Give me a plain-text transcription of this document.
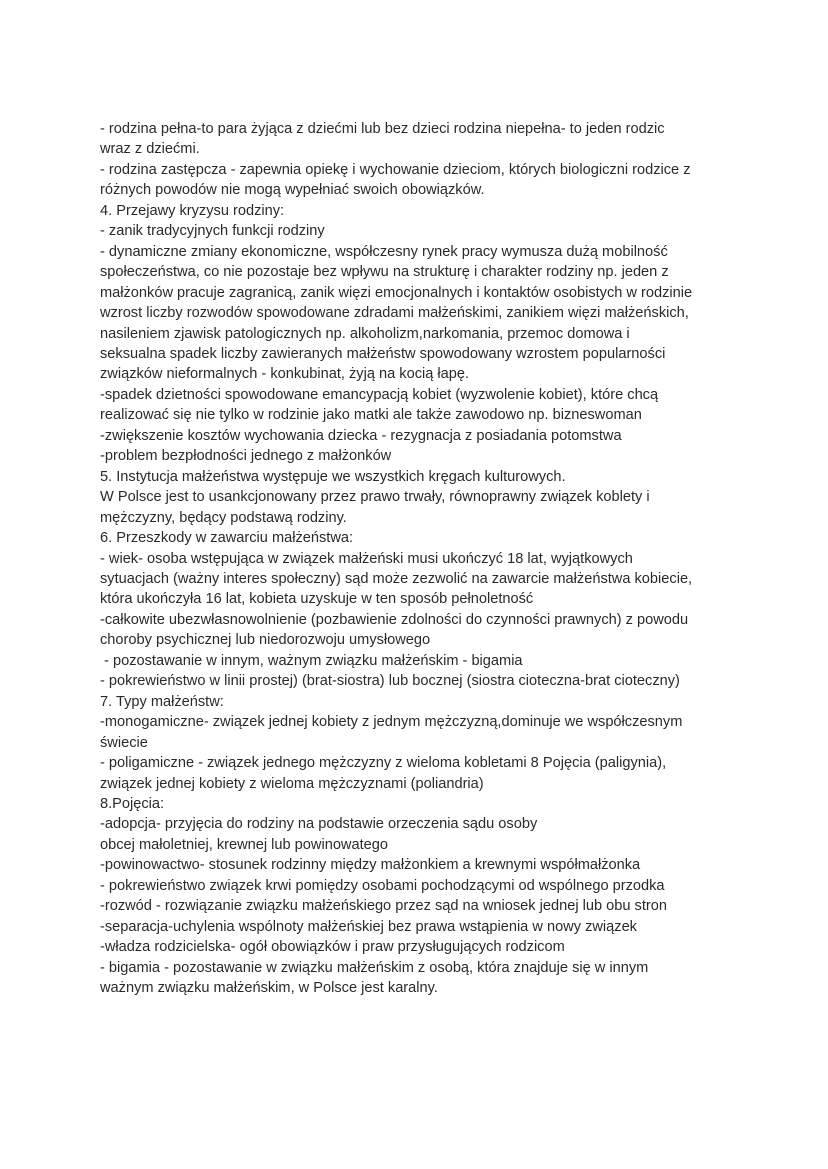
- rodzina pełna-to para żyjąca z dziećmi lub bez dzieci rodzina niepełna- to jeden rodzic
wraz z dziećmi.
- rodzina zastępcza - zapewnia opiekę i wychowanie dzieciom, których biologiczni rodzice z
różnych powodów nie mogą wypełniać swoich obowiązków.
4. Przejawy kryzysu rodziny:
- zanik tradycyjnych funkcji rodziny
- dynamiczne zmiany ekonomiczne, współczesny rynek pracy wymusza dużą mobilność
społeczeństwa, co nie pozostaje bez wpływu na strukturę i charakter rodziny np. jeden z
małżonków pracuje zagranicą, zanik więzi emocjonalnych i kontaktów osobistych w rodzinie
wzrost liczby rozwodów spowodowane zdradami małżeńskimi, zanikiem więzi małżeńskich,
nasileniem zjawisk patologicznych np. alkoholizm,narkomania, przemoc domowa i
seksualna spadek liczby zawieranych małżeństw spowodowany wzrostem popularności
związków nieformalnych - konkubinat, żyją na kocią łapę.
-spadek dzietności spowodowane emancypacją kobiet (wyzwolenie kobiet), które chcą
realizować się nie tylko w rodzinie jako matki ale także zawodowo np. bizneswoman
-zwiększenie kosztów wychowania dziecka - rezygnacja z posiadania potomstwa
-problem bezpłodności jednego z małżonków
5. Instytucja małżeństwa występuje we wszystkich kręgach kulturowych.
W Polsce jest to usankcjonowany przez prawo trwały, równoprawny związek koblety i
mężczyzny, będący podstawą rodziny.
6. Przeszkody w zawarciu małżeństwa:
- wiek- osoba wstępująca w związek małżeński musi ukończyć 18 lat, wyjątkowych
sytuacjach (ważny interes społeczny) sąd może zezwolić na zawarcie małżeństwa kobiecie,
która ukończyła 16 lat, kobieta uzyskuje w ten sposób pełnoletność
-całkowite ubezwłasnowolnienie (pozbawienie zdolności do czynności prawnych) z powodu
choroby psychicznej lub niedorozwoju umysłowego
- pozostawanie w innym, ważnym związku małżeńskim - bigamia
- pokrewieństwo w linii prostej) (brat-siostra) lub bocznej (siostra cioteczna-brat cioteczny)
7. Typy małżeństw:
-monogamiczne- związek jednej kobiety z jednym mężczyzną,dominuje we współczesnym
świecie
- poligamiczne - związek jednego mężczyzny z wieloma kobletami 8 Pojęcia (paligynia),
związek jednej kobiety z wieloma mężczyznami (poliandria)
8.Pojęcia:
-adopcja- przyjęcia do rodziny na podstawie orzeczenia sądu osoby
obcej małoletniej, krewnej lub powinowatego
-powinowactwo- stosunek rodzinny między małżonkiem a krewnymi współmałżonka
- pokrewieństwo związek krwi pomiędzy osobami pochodzącymi od wspólnego przodka
-rozwód - rozwiązanie związku małżeńskiego przez sąd na wniosek jednej lub obu stron
-separacja-uchylenia wspólnoty małżeńskiej bez prawa wstąpienia w nowy związek
-władza rodzicielska- ogół obowiązków i praw przysługujących rodzicom
- bigamia - pozostawanie w związku małżeńskim z osobą, która znajduje się w innym
ważnym związku małżeńskim, w Polsce jest karalny.
